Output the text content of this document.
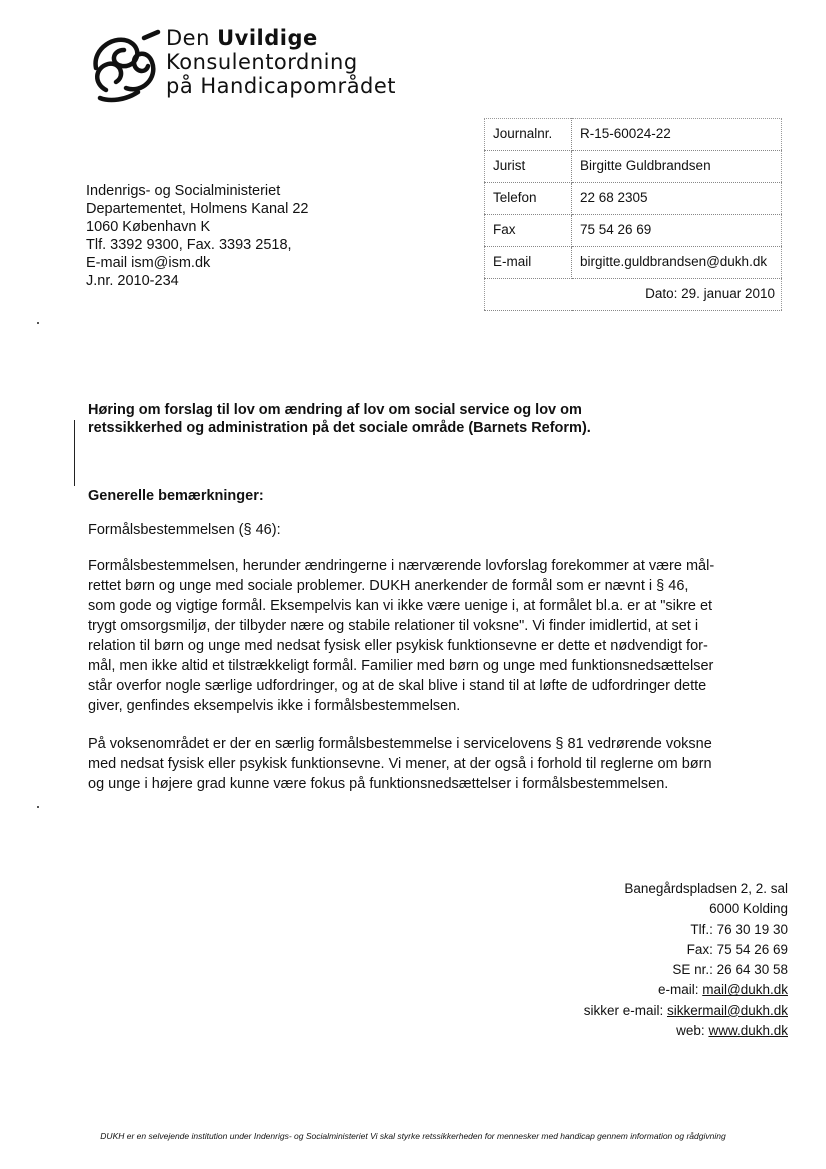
Den Uvildige
Konsulentordning
på Handicapområdet
Indenrigs- og Socialministeriet
Departementet, Holmens Kanal 22
1060 København K
Tlf. 3392 9300, Fax. 3393 2518,
E-mail ism@ism.dk
J.nr. 2010-234
Journalnr.	R-15-60024-22
Jurist	Birgitte Guldbrandsen
Telefon	22 68 2305
Fax	75 54 26 69
E-mail	birgitte.guldbrandsen@dukh.dk
Dato: 29. januar 2010	
Høring om forslag til lov om ændring af lov om social service og lov om
retssikkerhed og administration på det sociale område (Barnets Reform).
Generelle bemærkninger:
Formålsbestemmelsen (§ 46):
Formålsbestemmelsen, herunder ændringerne i nærværende lovforslag forekommer at være mål-
rettet børn og unge med sociale problemer. DUKH anerkender de formål som er nævnt i § 46,
som gode og vigtige formål. Eksempelvis kan vi ikke være uenige i, at formålet bl.a. er at "sikre et
trygt omsorgsmiljø, der tilbyder nære og stabile relationer til voksne". Vi finder imidlertid, at set i
relation til børn og unge med nedsat fysisk eller psykisk funktionsevne er dette et nødvendigt for-
mål, men ikke altid et tilstrækkeligt formål. Familier med børn og unge med funktionsnedsættelser
står overfor nogle særlige udfordringer, og at de skal blive i stand til at løfte de udfordringer dette
giver, genfindes eksempelvis ikke i formålsbestemmelsen.
På voksenområdet er der en særlig formålsbestemmelse i servicelovens § 81 vedrørende voksne
med nedsat fysisk eller psykisk funktionsevne. Vi mener, at der også i forhold til reglerne om børn
og unge i højere grad kunne være fokus på funktionsnedsættelser i formålsbestemmelsen.
Banegårdspladsen 2, 2. sal
6000 Kolding
Tlf.: 76 30 19 30
Fax: 75 54 26 69
SE nr.: 26 64 30 58
e-mail: mail@dukh.dk
sikker e-mail: sikkermail@dukh.dk
web: www.dukh.dk
DUKH er en selvejende institution under Indenrigs- og Socialministeriet Vi skal styrke retssikkerheden for mennesker med handicap gennem information og rådgivning
